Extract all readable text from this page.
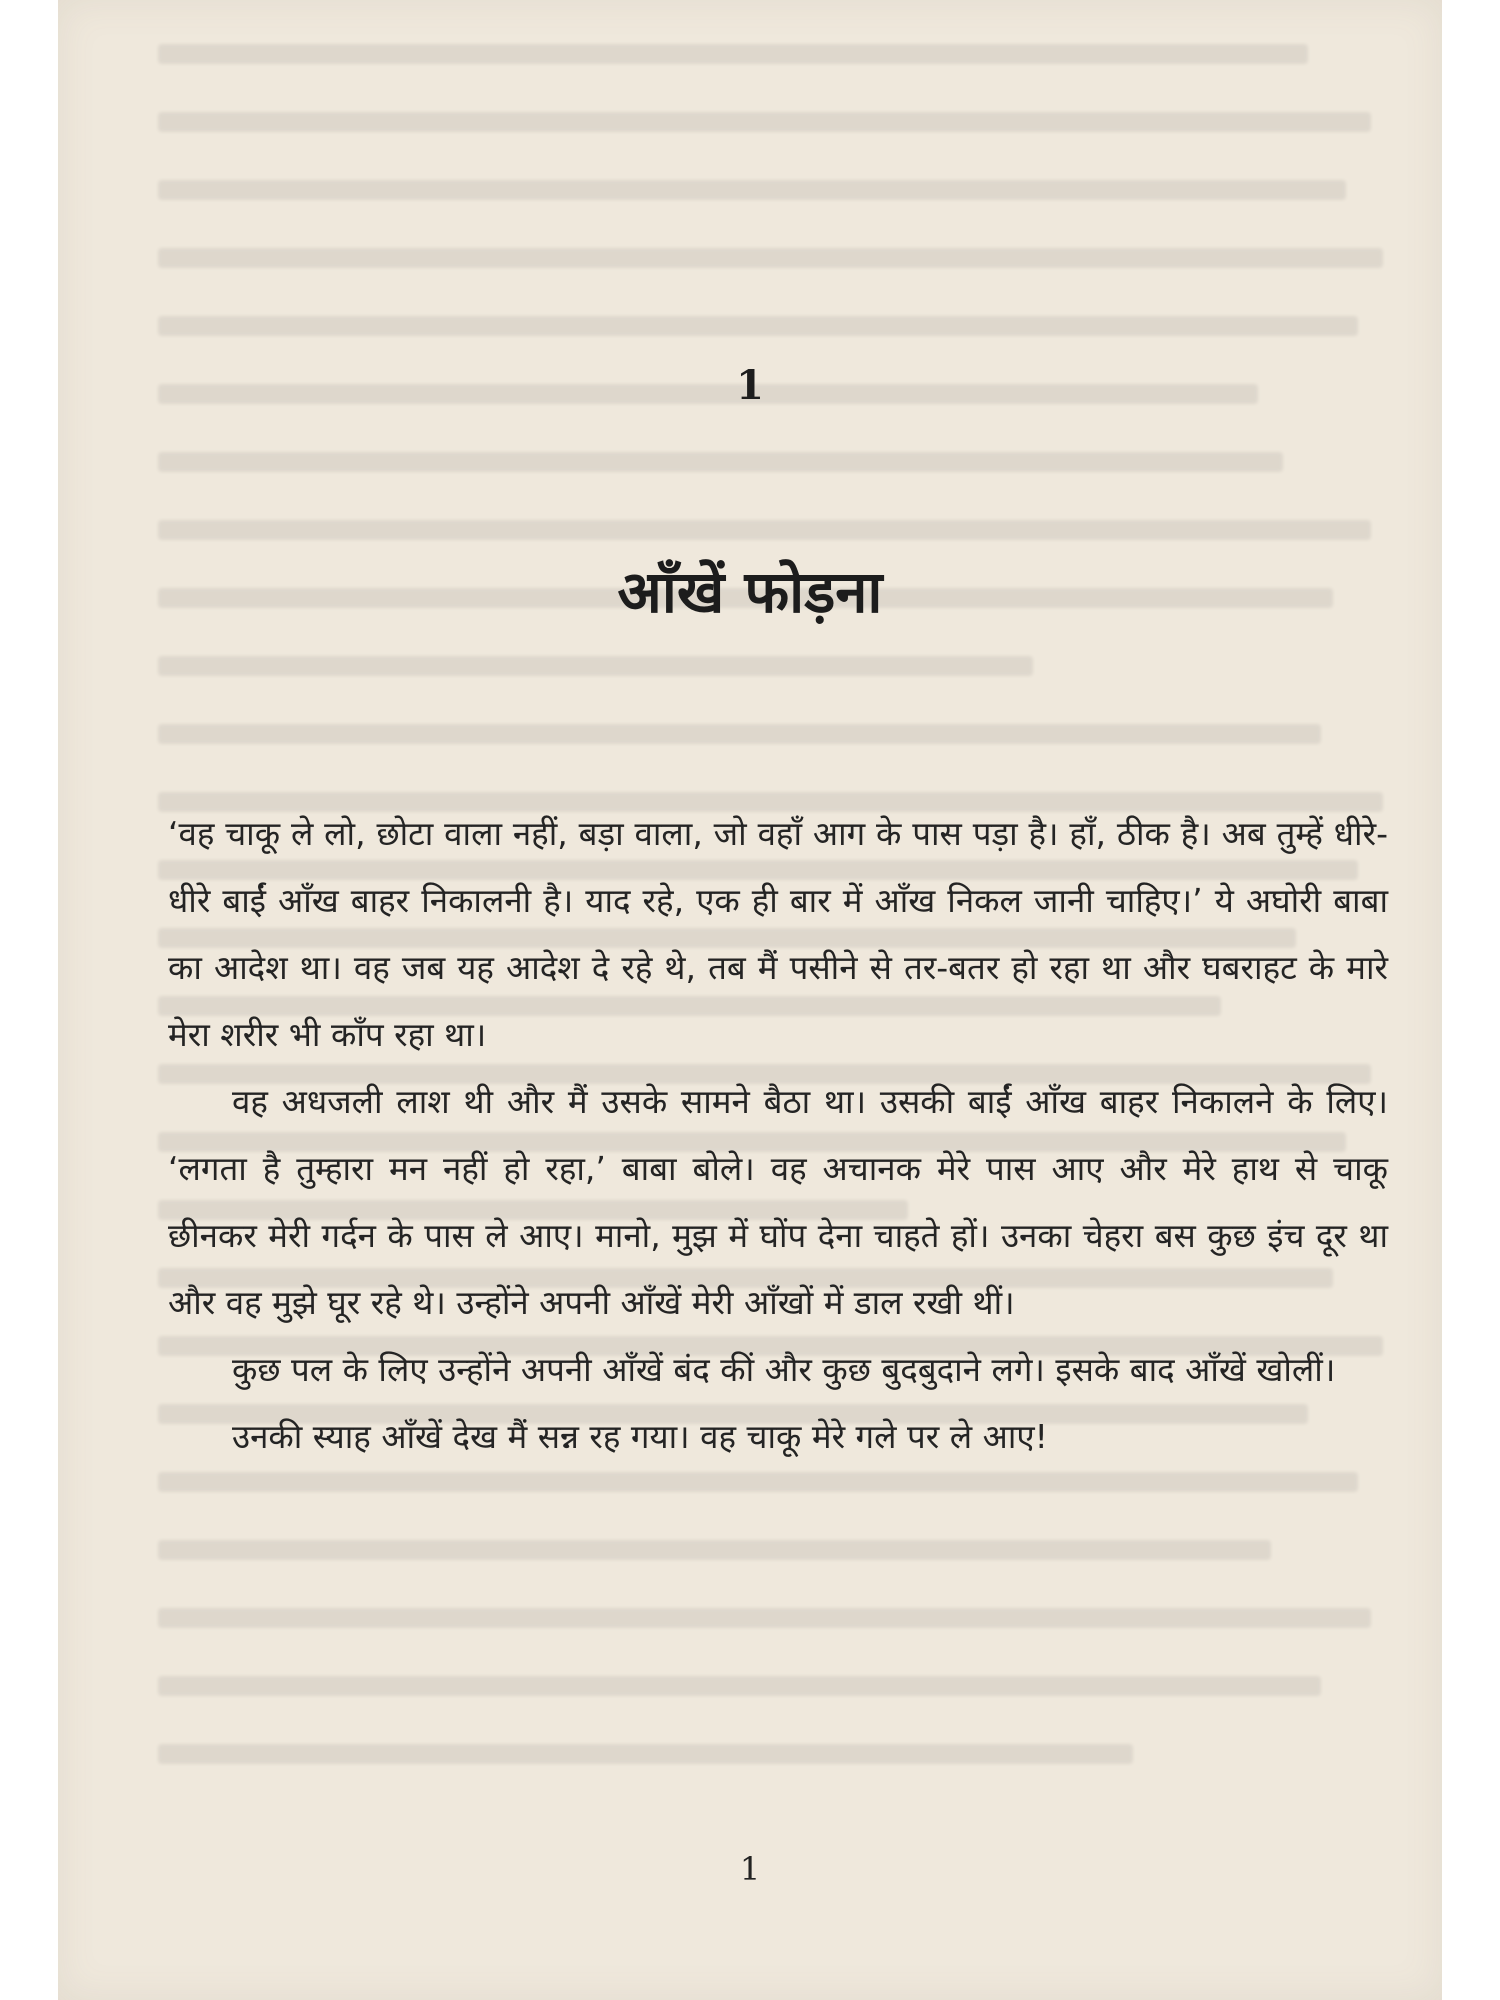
1
आँखें फोड़ना

‘वह चाकू ले लो, छोटा वाला नहीं, बड़ा वाला, जो वहाँ आग के पास पड़ा है। हाँ, ठीक है। अब तुम्हें धीरे-धीरे बाईं आँख बाहर निकालनी है। याद रहे, एक ही बार में आँख निकल जानी चाहिए।’ ये अघोरी बाबा का आदेश था। वह जब यह आदेश दे रहे थे, तब मैं पसीने से तर-बतर हो रहा था और घबराहट के मारे मेरा शरीर भी काँप रहा था।

वह अधजली लाश थी और मैं उसके सामने बैठा था। उसकी बाईं आँख बाहर निकालने के लिए। ‘लगता है तुम्हारा मन नहीं हो रहा,’ बाबा बोले। वह अचानक मेरे पास आए और मेरे हाथ से चाकू छीनकर मेरी गर्दन के पास ले आए। मानो, मुझ में घोंप देना चाहते हों। उनका चेहरा बस कुछ इंच दूर था और वह मुझे घूर रहे थे। उन्होंने अपनी आँखें मेरी आँखों में डाल रखी थीं।

कुछ पल के लिए उन्होंने अपनी आँखें बंद कीं और कुछ बुदबुदाने लगे। इसके बाद आँखें खोलीं।

उनकी स्याह आँखें देख मैं सन्न रह गया। वह चाकू मेरे गले पर ले आए!

1
